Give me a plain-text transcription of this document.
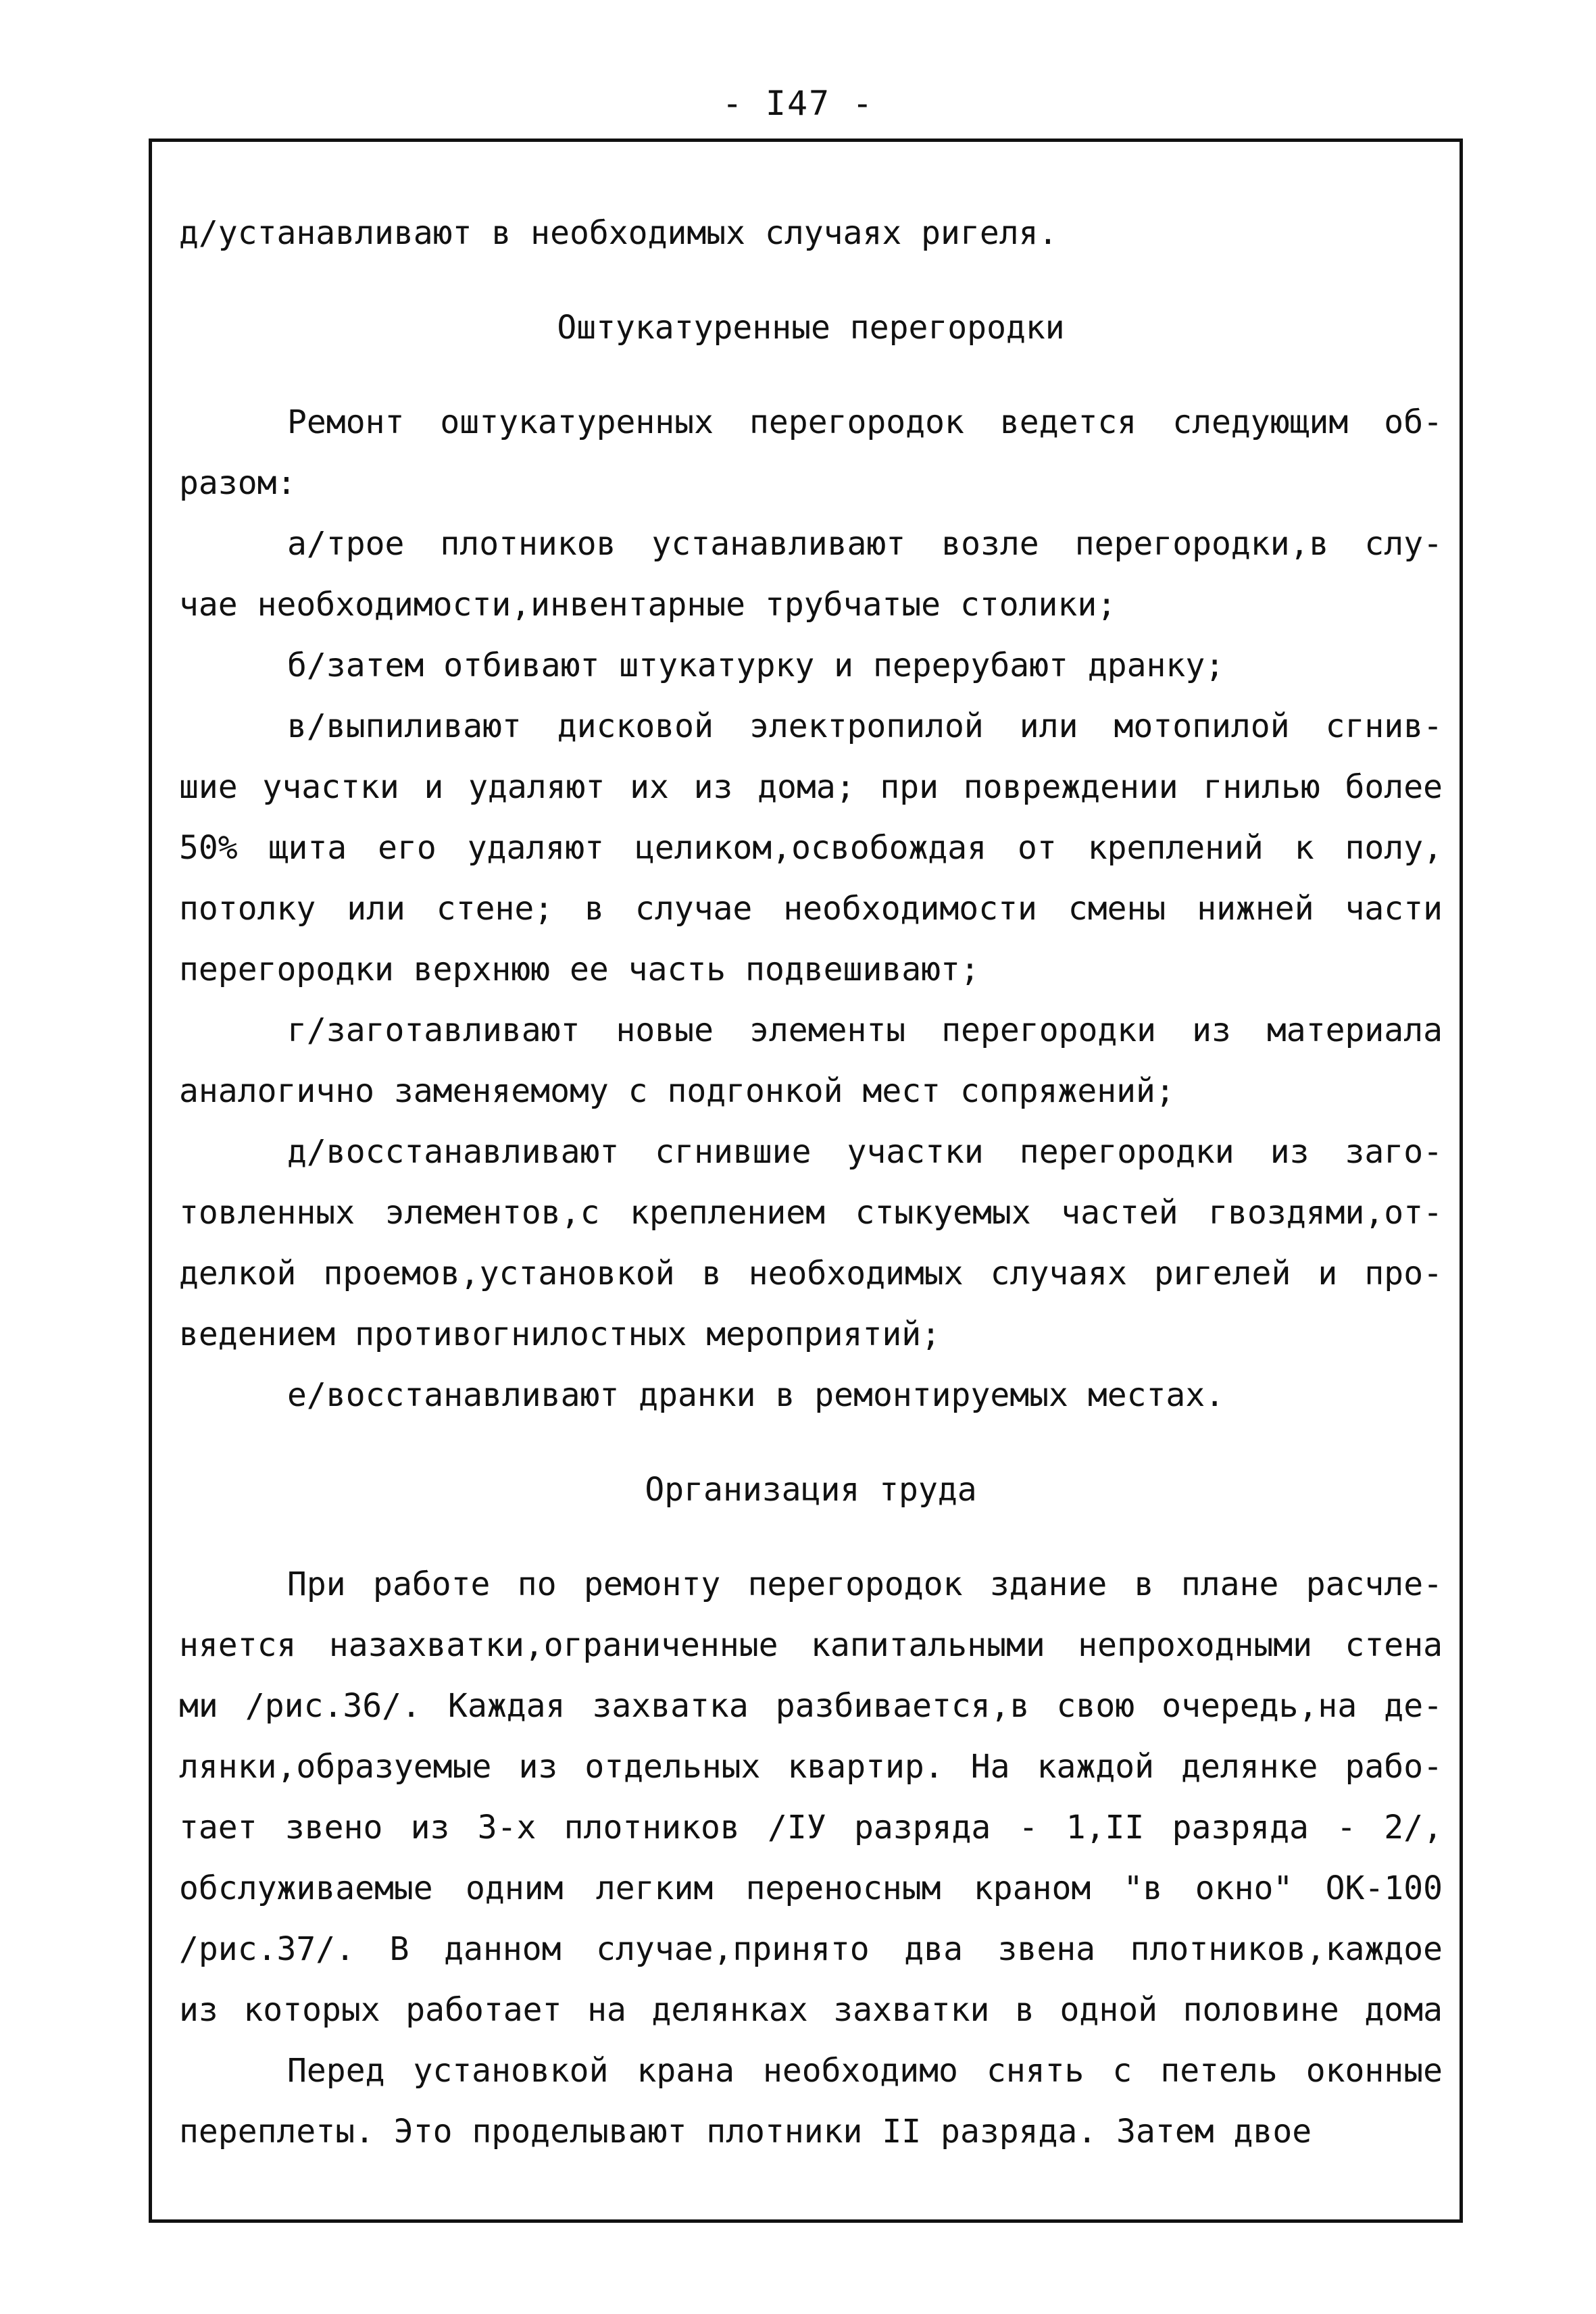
- I47 -
д/устанавливают в необходимых случаях ригеля.
Оштукатуренные перегородки
Ремонт оштукатуренных перегородок ведется следующим об-
разом:
а/трое плотников устанавливают возле перегородки,в слу-
чае необходимости,инвентарные трубчатые столики;
б/затем отбивают штукатурку и перерубают дранку;
в/выпиливают дисковой электропилой или мотопилой сгнив-
шие участки и удаляют их из дома; при повреждении гнилью более
50% щита его удаляют целиком,освобождая от креплений к полу,
потолку или стене; в случае необходимости смены нижней части
перегородки верхнюю ее часть подвешивают;
г/заготавливают новые элементы перегородки из материала
аналогично заменяемому с подгонкой мест сопряжений;
д/восстанавливают сгнившие участки перегородки из заго-
товленных элементов,с креплением стыкуемых частей гвоздями,от-
делкой проемов,установкой в необходимых случаях ригелей и про-
ведением противогнилостных мероприятий;
е/восстанавливают дранки в ремонтируемых местах.
Организация труда
При работе по ремонту перегородок здание в плане расчле-
няется назахватки,ограниченные капитальными непроходными стена
ми /рис.36/. Каждая захватка разбивается,в свою очередь,на де-
лянки,образуемые из отдельных квартир. На каждой делянке рабо-
тает звено из 3-х плотников /IУ разряда - 1,II разряда - 2/,
обслуживаемые одним легким переносным краном "в окно" ОК-100
/рис.37/. В данном случае,принято два звена плотников,каждое
из которых работает на делянках захватки в одной половине дома
Перед установкой крана необходимо снять с петель оконные
переплеты. Это проделывают плотники II разряда. Затем двое
